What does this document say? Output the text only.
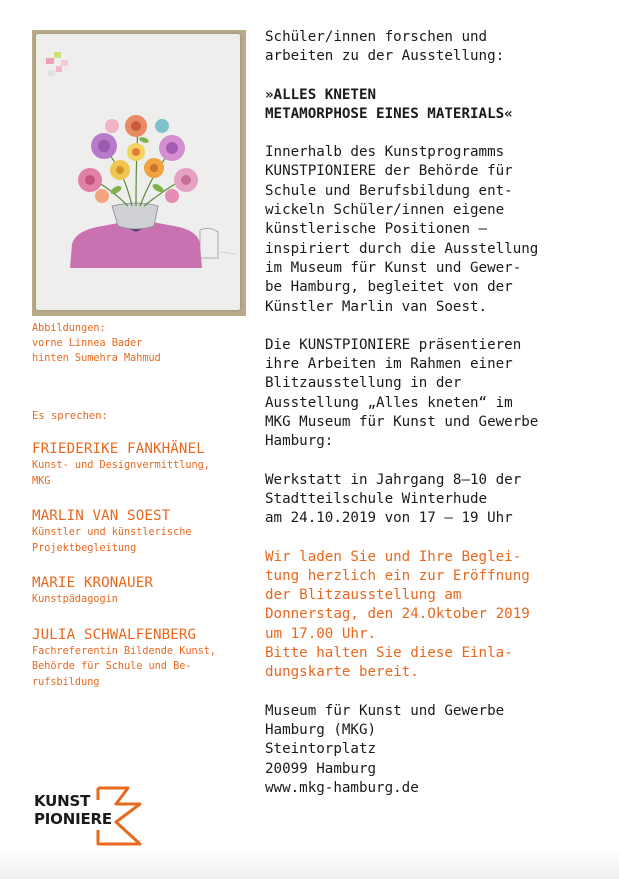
Abbildungen:
vorne Linnea Bader
hinten Sumehra Mahmud
Es sprechen:
FRIEDERIKE FANKHÄNEL
Kunst- und Designvermittlung,
MKG
MARLIN VAN SOEST
Künstler und künstlerische
Projektbegleitung
MARIE KRONAUER
Kunstpädagogin
JULIA SCHWALFENBERG
Fachreferentin Bildende Kunst,
Behörde für Schule und Be-
rufsbildung
KUNST
PIONIERE
Schüler/innen forschen und
arbeiten zu der Ausstellung:
»ALLES KNETEN
METAMORPHOSE EINES MATERIALS«
Innerhalb des Kunstprogramms
KUNSTPIONIERE der Behörde für
Schule und Berufsbildung ent-
wickeln Schüler/innen eigene
künstlerische Positionen –
inspiriert durch die Ausstellung
im Museum für Kunst und Gewer-
be Hamburg, begleitet von der
Künstler Marlin van Soest.
Die KUNSTPIONIERE präsentieren
ihre Arbeiten im Rahmen einer
Blitzausstellung in der
Ausstellung „Alles kneten“ im
MKG Museum für Kunst und Gewerbe
Hamburg:
Werkstatt in Jahrgang 8–10 der
Stadtteilschule Winterhude
am 24.10.2019 von 17 – 19 Uhr
Wir laden Sie und Ihre Beglei-
tung herzlich ein zur Eröffnung
der Blitzausstellung am
Donnerstag, den 24.Oktober 2019
um 17.00 Uhr.
Bitte halten Sie diese Einla-
dungskarte bereit.
Museum für Kunst und Gewerbe
Hamburg (MKG)
Steintorplatz
20099 Hamburg
www.mkg-hamburg.de
